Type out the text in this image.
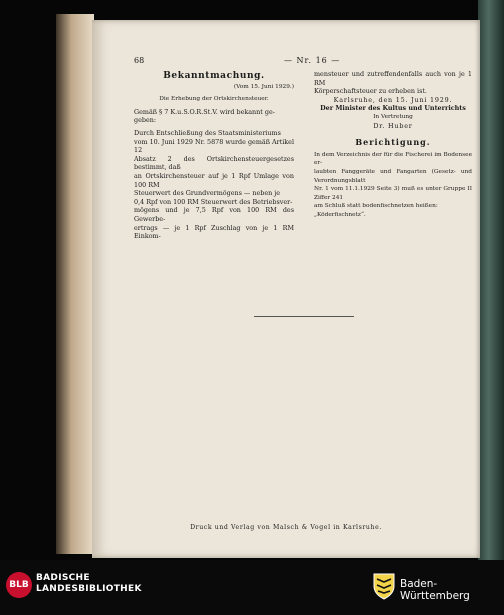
68	— Nr. 16 —
Bekanntmachung.
(Vom 15. Juni 1929.)
Die Erhebung der Ortskirchensteuer.
Gemäß § 7 K.u.S.O.R.St.V. wird bekannt ge-
geben:
Durch Entschließung des Staatsministeriums
vom 10. Juni 1929 Nr. 5878 wurde gemäß Artikel 12
Absatz 2 des Ortskirchensteuergesetzes bestimmt, daß
an Ortskirchensteuer auf je 1 Rpf Umlage von 100 RM
Steuerwert des Grundvermögens — neben je
0,4 Rpf von 100 RM Steuerwert des Betriebsver-
mögens und je 7,5 Rpf von 100 RM des Gewerbe-
ertrags — je 1 Rpf Zuschlag von je 1 RM Einkom-
mensteuer und zutreffendenfalls auch von je 1 RM
Körperschaftsteuer zu erheben ist.
Karlsruhe, den 15. Juni 1929.
Der Minister des Kultus und Unterrichts
In Vertretung
Dr. Huber
Berichtigung.
In dem Verzeichnis der für die Fischerei im Bodensee er-
laubten Fanggeräte und Fangarten (Gesetz- und Verordnungsblatt
Nr. 1 vom 11.1.1929 Seite 3) muß es unter Gruppe II Ziffer 241
am Schluß statt bodenfischnetzen heißen: „Köderfischnetz“.
Druck und Verlag von Malsch & Vogel in Karlsruhe.
BLB
BADISCHE
LANDESBIBLIOTHEK	Baden-Württemberg
